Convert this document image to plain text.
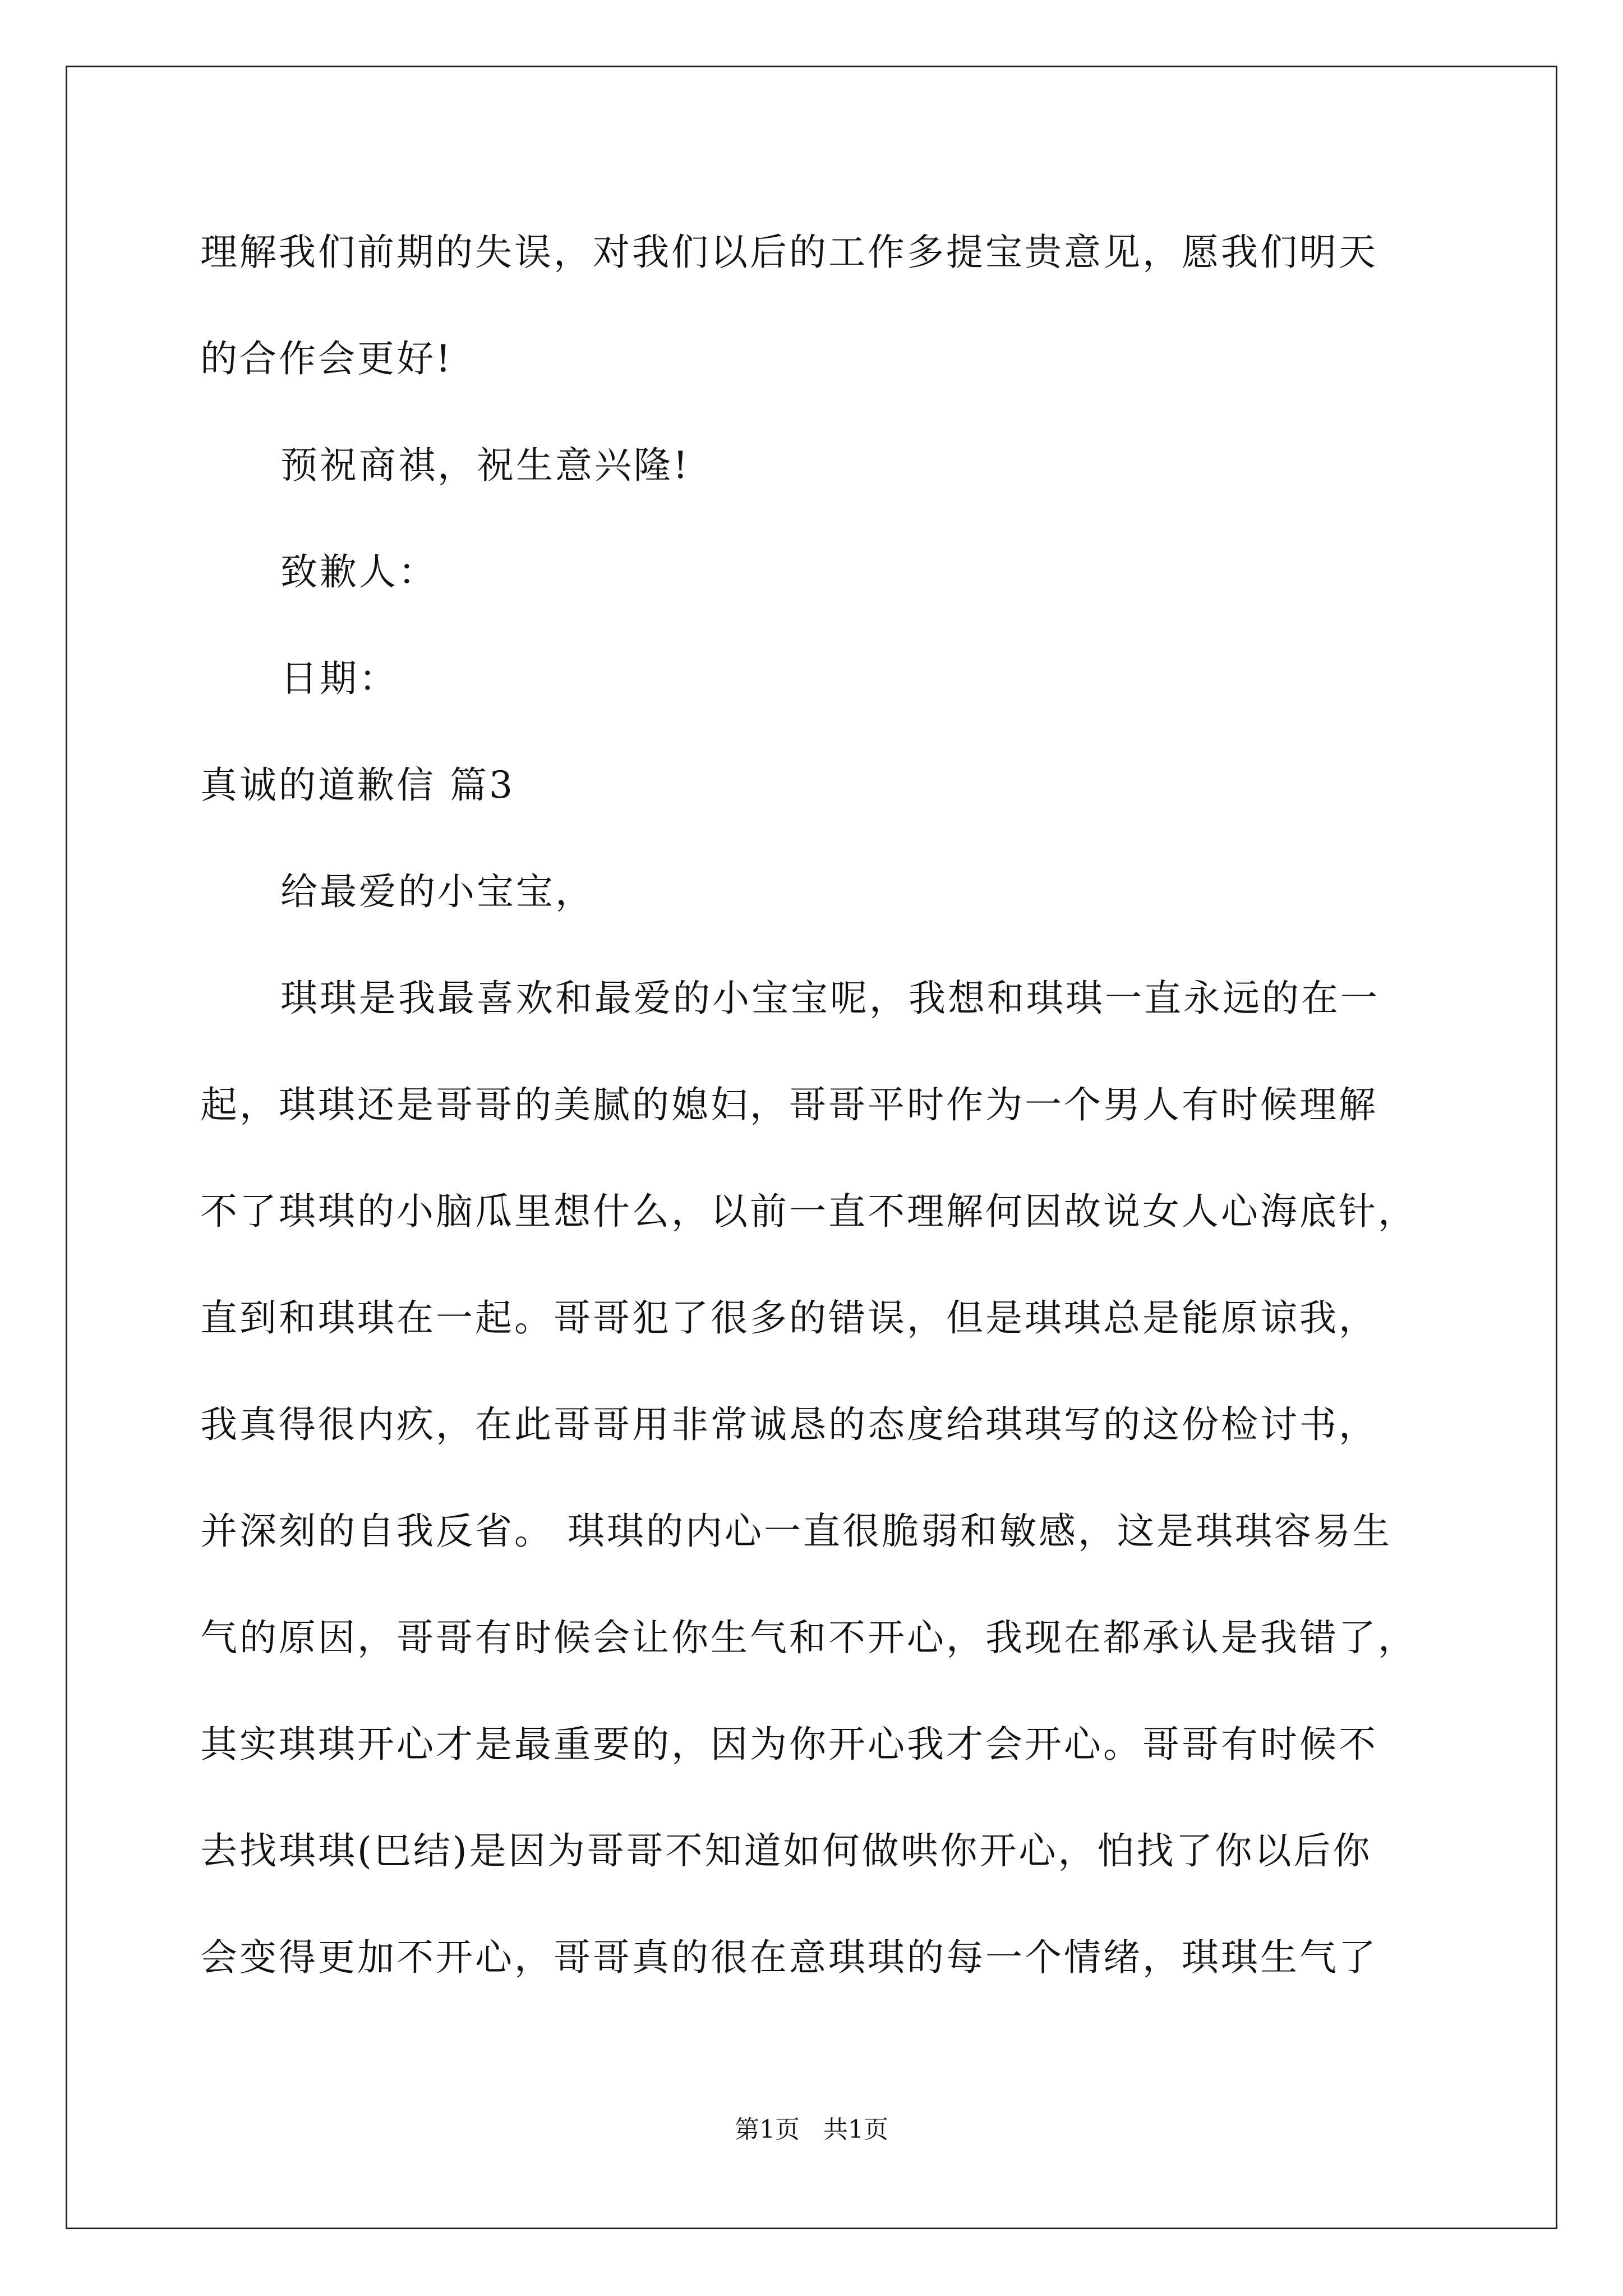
理解我们前期的失误，对我们以后的工作多提宝贵意见，愿我们明天
的合作会更好!
预祝商祺，祝生意兴隆!
致歉人：
日期：
真诚的道歉信 篇3
给最爱的小宝宝，
琪琪是我最喜欢和最爱的小宝宝呢，我想和琪琪一直永远的在一
起，琪琪还是哥哥的美腻的媳妇，哥哥平时作为一个男人有时候理解
不了琪琪的小脑瓜里想什么，以前一直不理解何因故说女人心海底针，
直到和琪琪在一起。哥哥犯了很多的错误，但是琪琪总是能原谅我，
我真得很内疚，在此哥哥用非常诚恳的态度给琪琪写的这份检讨书，
并深刻的自我反省。 琪琪的内心一直很脆弱和敏感，这是琪琪容易生
气的原因，哥哥有时候会让你生气和不开心，我现在都承认是我错了，
其实琪琪开心才是最重要的，因为你开心我才会开心。哥哥有时候不
去找琪琪(巴结)是因为哥哥不知道如何做哄你开心，怕找了你以后你
会变得更加不开心，哥哥真的很在意琪琪的每一个情绪，琪琪生气了
第1页   共1页
